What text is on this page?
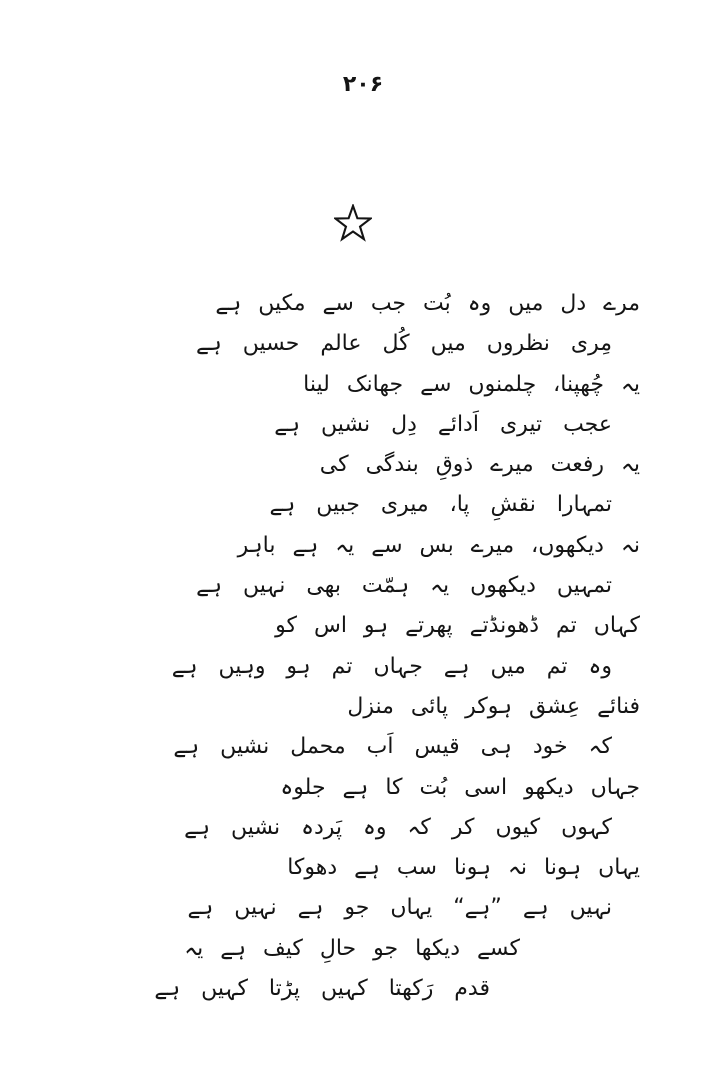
۲۰۶
مرے دل میں وہ بُت جب سے مکیں ہے
مِری نظروں میں کُل عالم حسیں ہے
یہ چُھپنا، چلمنوں سے جھانک لینا
عجب تیری اَدائے دِل نشیں ہے
یہ رفعت میرے ذوقِ بندگی کی
تمہارا نقشِ پا، میری جبیں ہے
نہ دیکھوں، میرے بس سے یہ ہے باہر
تمہیں دیکھوں یہ ہمّت بھی نہیں ہے
کہاں تم ڈھونڈتے پھرتے ہو اس کو
وہ تم میں ہے جہاں تم ہو وہیں ہے
فنائے عِشق ہوکر پائی منزل
کہ خود ہی قیس اَب محمل نشیں ہے
جہاں دیکھو اسی بُت کا ہے جلوہ
کہوں کیوں کر کہ وہ پَردہ نشیں ہے
یہاں ہونا نہ ہونا سب ہے دھوکا
نہیں ہے ”ہے“ یہاں جو ہے نہیں ہے
کسے دیکھا جو حالِ کیف ہے یہ
قدم رَکھتا کہیں پڑتا کہیں ہے
